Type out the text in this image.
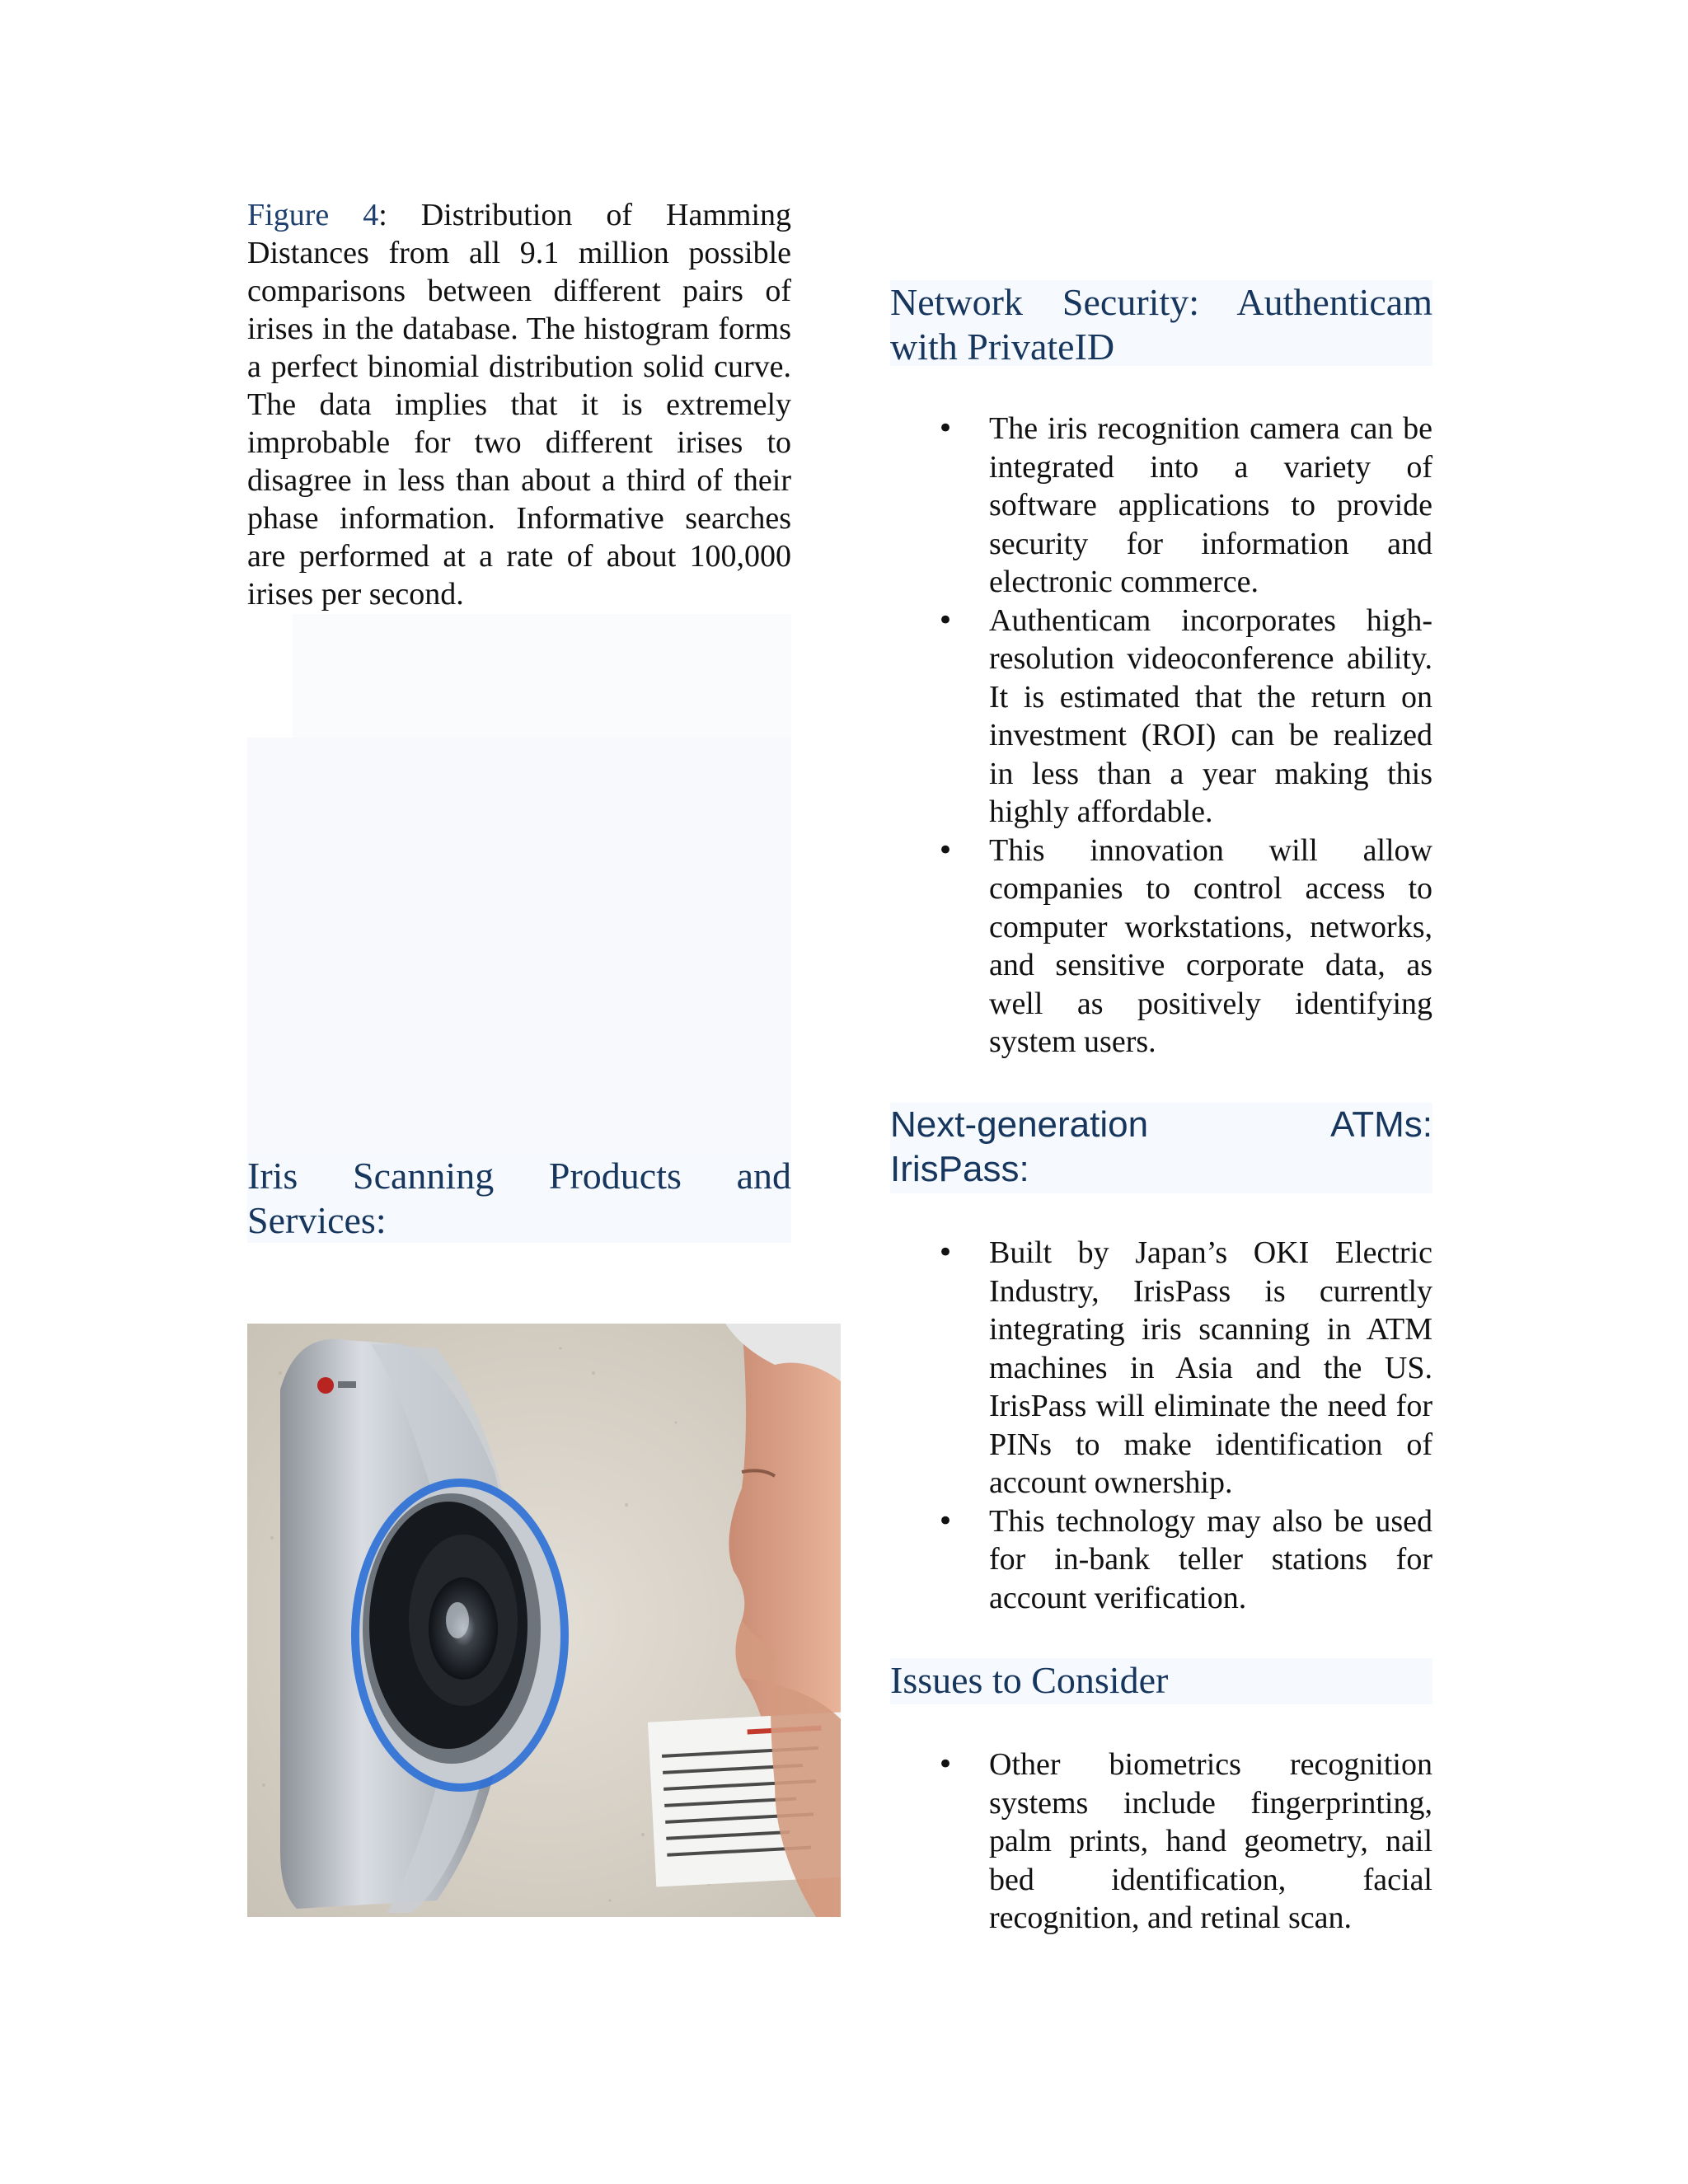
Figure 4: Distribution of Hamming Distances from all 9.1 million possible comparisons between different pairs of irises in the database. The histogram forms a perfect binomial distribution solid curve. The data implies that it is extremely improbable for two different irises to disagree in less than about a third of their phase information. Informative searches are performed at a rate of about 100,000 irises per second.
Iris Scanning Products and
Services:
Network Security: Authenticam
with PrivateID
• The iris recognition camera can be integrated into a variety of software applications to provide security for information and electronic commerce.
• Authenticam incorporates high-resolution videoconference ability. It is estimated that the return on investment (ROI) can be realized in less than a year making this highly affordable.
• This innovation will allow companies to control access to computer workstations, networks, and sensitive corporate data, as well as positively identifying system users.
Next-generation ATMs:
IrisPass:
• Built by Japan’s OKI Electric Industry, IrisPass is currently integrating iris scanning in ATM machines in Asia and the US. IrisPass will eliminate the need for PINs to make identification of account ownership.
• This technology may also be used for in-bank teller stations for account verification.
Issues to Consider
• Other biometrics recognition systems include fingerprinting, palm prints, hand geometry, nail bed identification, facial recognition, and retinal scan.
